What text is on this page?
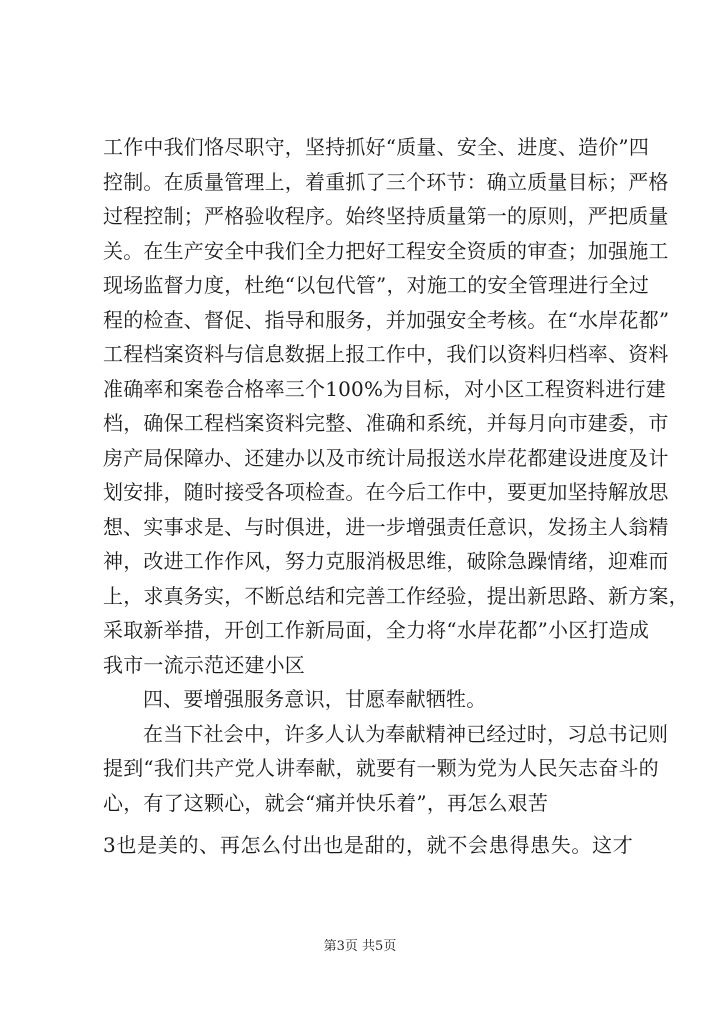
工作中我们恪尽职守，坚持抓好“质量、安全、进度、造价”四
控制。在质量管理上，着重抓了三个环节：确立质量目标；严格
过程控制；严格验收程序。始终坚持质量第一的原则，严把质量
关。在生产安全中我们全力把好工程安全资质的审查；加强施工
现场监督力度，杜绝“以包代管”，对施工的安全管理进行全过
程的检查、督促、指导和服务，并加强安全考核。在“水岸花都”
工程档案资料与信息数据上报工作中，我们以资料归档率、资料
准确率和案卷合格率三个100%为目标，对小区工程资料进行建
档，确保工程档案资料完整、准确和系统，并每月向市建委，市
房产局保障办、还建办以及市统计局报送水岸花都建设进度及计
划安排，随时接受各项检查。在今后工作中，要更加坚持解放思
想、实事求是、与时俱进，进一步增强责任意识，发扬主人翁精
神，改进工作作风，努力克服消极思维，破除急躁情绪，迎难而
上，求真务实，不断总结和完善工作经验，提出新思路、新方案，
采取新举措，开创工作新局面，全力将“水岸花都”小区打造成
我市一流示范还建小区
四、要增强服务意识，甘愿奉献牺牲。
在当下社会中，许多人认为奉献精神已经过时，习总书记则
提到“我们共产党人讲奉献，就要有一颗为党为人民矢志奋斗的
心，有了这颗心，就会“痛并快乐着”，再怎么艰苦
3也是美的、再怎么付出也是甜的，就不会患得患失。这才
第3页 共5页
